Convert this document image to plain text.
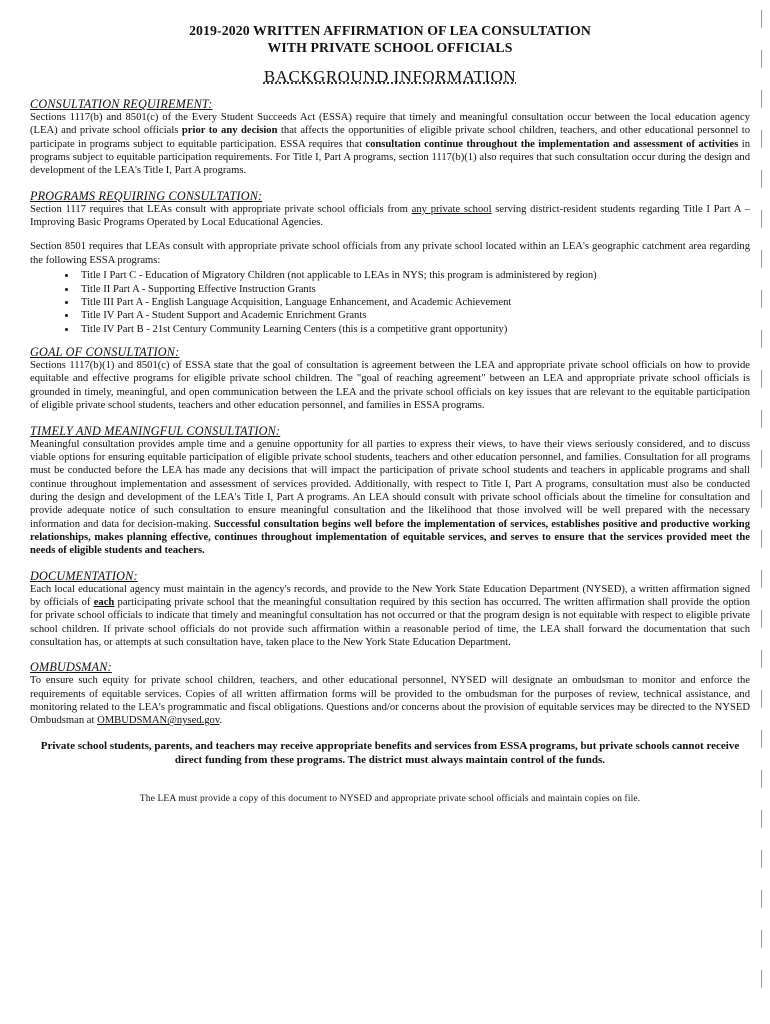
2019-2020 WRITTEN AFFIRMATION OF LEA CONSULTATION
WITH PRIVATE SCHOOL OFFICIALS
BACKGROUND INFORMATION
CONSULTATION REQUIREMENT:

Sections 1117(b) and 8501(c) of the Every Student Succeeds Act (ESSA) require that timely and meaningful consultation occur between the local education agency (LEA) and private school officials prior to any decision that affects the opportunities of eligible private school children, teachers, and other educational personnel to participate in programs subject to equitable participation. ESSA requires that consultation continue throughout the implementation and assessment of activities in programs subject to equitable participation requirements. For Title I, Part A programs, section 1117(b)(1) also requires that such consultation occur during the design and development of the LEA's Title I, Part A programs.

PROGRAMS REQUIRING CONSULTATION:

Section 1117 requires that LEAs consult with appropriate private school officials from any private school serving district-resident students regarding Title I Part A – Improving Basic Programs Operated by Local Educational Agencies.

Section 8501 requires that LEAs consult with appropriate private school officials from any private school located within an LEA's geographic catchment area regarding the following ESSA programs:

• Title I Part C - Education of Migratory Children (not applicable to LEAs in NYS; this program is administered by region)
• Title II Part A - Supporting Effective Instruction Grants
• Title III Part A - English Language Acquisition, Language Enhancement, and Academic Achievement
• Title IV Part A - Student Support and Academic Enrichment Grants
• Title IV Part B - 21st Century Community Learning Centers (this is a competitive grant opportunity)
GOAL OF CONSULTATION:

Sections 1117(b)(1) and 8501(c) of ESSA state that the goal of consultation is agreement between the LEA and appropriate private school officials on how to provide equitable and effective programs for eligible private school children. The "goal of reaching agreement" between an LEA and appropriate private school officials is grounded in timely, meaningful, and open communication between the LEA and the private school officials on key issues that are relevant to the equitable participation of eligible private school students, teachers and other education personnel, and families in ESSA programs.

TIMELY AND MEANINGFUL CONSULTATION:

Meaningful consultation provides ample time and a genuine opportunity for all parties to express their views, to have their views seriously considered, and to discuss viable options for ensuring equitable participation of eligible private school students, teachers and other education personnel, and families. Consultation for all programs must be conducted before the LEA has made any decisions that will impact the participation of private school students and teachers in applicable programs and shall continue throughout implementation and assessment of services provided. Additionally, with respect to Title I, Part A programs, consultation must also be conducted during the design and development of the LEA's Title I, Part A programs. An LEA should consult with private school officials about the timeline for consultation and provide adequate notice of such consultation to ensure meaningful consultation and the likelihood that those involved will be well prepared with the necessary information and data for decision-making. Successful consultation begins well before the implementation of services, establishes positive and productive working relationships, makes planning effective, continues throughout implementation of equitable services, and serves to ensure that the services provided meet the needs of eligible students and teachers.

DOCUMENTATION:

Each local educational agency must maintain in the agency's records, and provide to the New York State Education Department (NYSED), a written affirmation signed by officials of each participating private school that the meaningful consultation required by this section has occurred. The written affirmation shall provide the option for private school officials to indicate that timely and meaningful consultation has not occurred or that the program design is not equitable with respect to eligible private school children. If private school officials do not provide such affirmation within a reasonable period of time, the LEA shall forward the documentation that such consultation has, or attempts at such consultation have, taken place to the New York State Education Department.

OMBUDSMAN:

To ensure such equity for private school children, teachers, and other educational personnel, NYSED will designate an ombudsman to monitor and enforce the requirements of equitable services. Copies of all written affirmation forms will be provided to the ombudsman for the purposes of review, technical assistance, and monitoring related to the LEA's programmatic and fiscal obligations. Questions and/or concerns about the provision of equitable services may be directed to the NYSED Ombudsman at OMBUDSMAN@nysed.gov.

Private school students, parents, and teachers may receive appropriate benefits and services from ESSA programs, but private schools cannot receive direct funding from these programs. The district must always maintain control of the funds.
The LEA must provide a copy of this document to NYSED and appropriate private school officials and maintain copies on file.
